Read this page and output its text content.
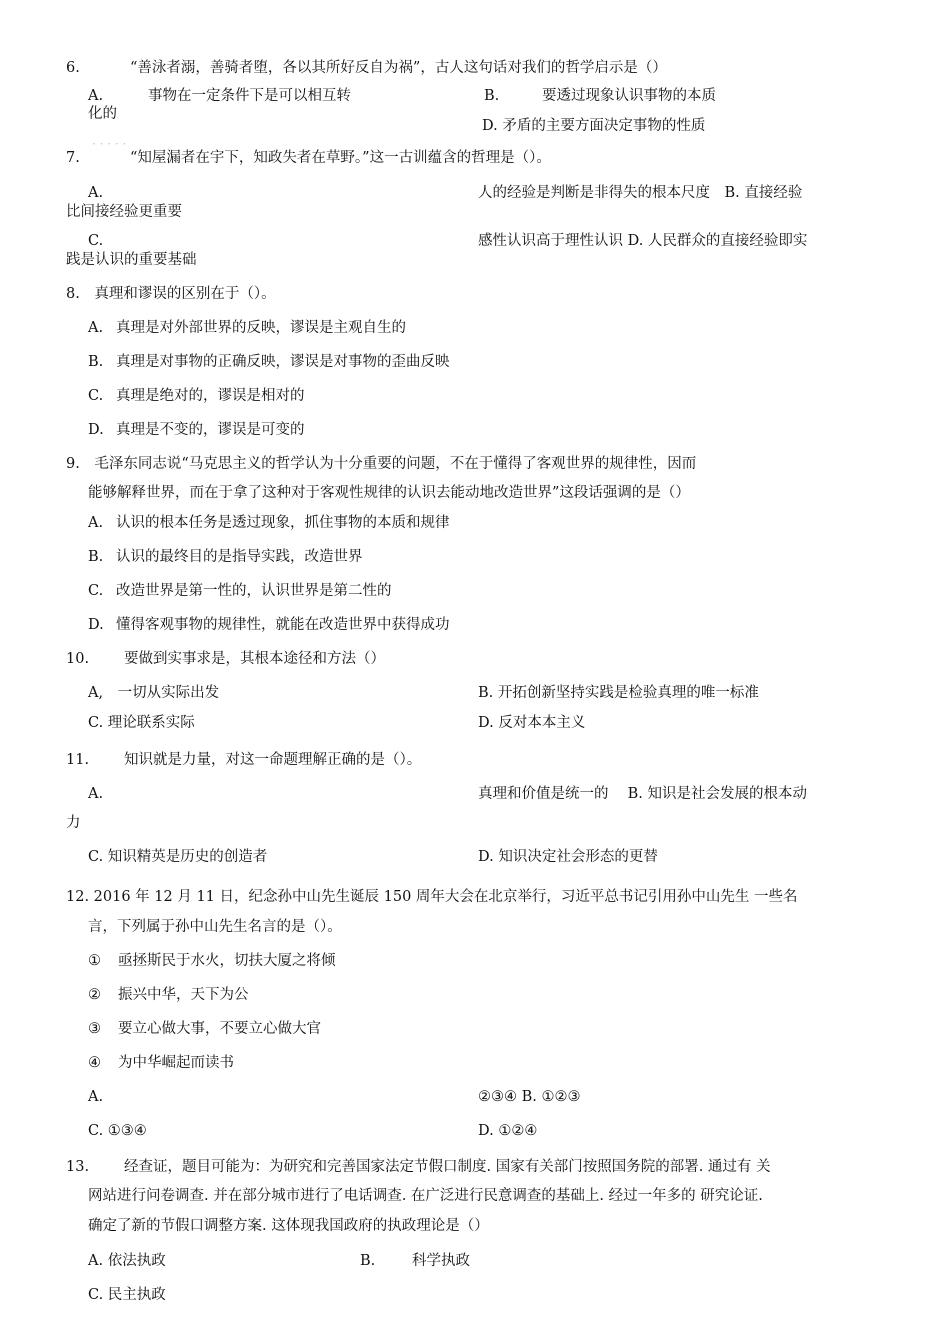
6.	“善泳者溺，善骑者堕，各以其所好反自为祸”，古人这句话对我们的哲学启示是（）
A.	事物在一定条件下是可以相互转
化的
B.	要透过现象认识事物的本质
D. 矛盾的主要方面决定事物的性质
· · · · ·
7.	“知屋漏者在宇下，知政失者在草野。”这一古训蕴含的哲理是（）。
A.	人的经验是判断是非得失的根本尺度　B. 直接经验
比间接经验更重要
C.	感性认识高于理性认识 D. 人民群众的直接经验即实
践是认识的重要基础
8.　真理和谬误的区别在于（）。
A. 真理是对外部世界的反映，谬误是主观自生的
B. 真理是对事物的正确反映，谬误是对事物的歪曲反映
C. 真理是绝对的，谬误是相对的
D. 真理是不变的，谬误是可变的
9.　毛泽东同志说“马克思主义的哲学认为十分重要的问题，不在于懂得了客观世界的规律性，因而
能够解释世界，而在于拿了这种对于客观性规律的认识去能动地改造世界”这段话强调的是（）
A. 认识的根本任务是透过现象，抓住事物的本质和规律
B. 认识的最终目的是指导实践，改造世界
C. 改造世界是第一性的，认识世界是第二性的
D. 懂得客观事物的规律性，就能在改造世界中获得成功
10. 要做到实事求是，其根本途径和方法（）
A,　一切从实际出发	B. 开拓创新坚持实践是检验真理的唯一标准
C. 理论联系实际	D. 反对本本主义
11. 知识就是力量，对这一命题理解正确的是（）。
A.	真理和价值是统一的　 B. 知识是社会发展的根本动
力
C. 知识精英是历史的创造者	D. 知识决定社会形态的更替
12. 2016 年 12 月 11 日，纪念孙中山先生诞辰 150 周年大会在北京举行，习近平总书记引用孙中山先生 一些名
言，下列属于孙中山先生名言的是（）。
① 亟拯斯民于水火，切扶大厦之将倾
② 振兴中华，天下为公
③ 要立心做大事，不要立心做大官
④ 为中华崛起而读书
A.	②③④ B. ①②③
C. ①③④	D. ①②④
13. 经查证，题目可能为：为研究和完善国家法定节假口制度. 国家有关部门按照国务院的部署. 通过有 关
网站进行问卷调查. 并在部分城市进行了电话调查. 在广泛进行民意调查的基础上. 经过一年多的 研究论证.
确定了新的节假口调整方案. 这体现我国政府的执政理论是（）
A. 依法执政	B.	科学执政
C. 民主执政
